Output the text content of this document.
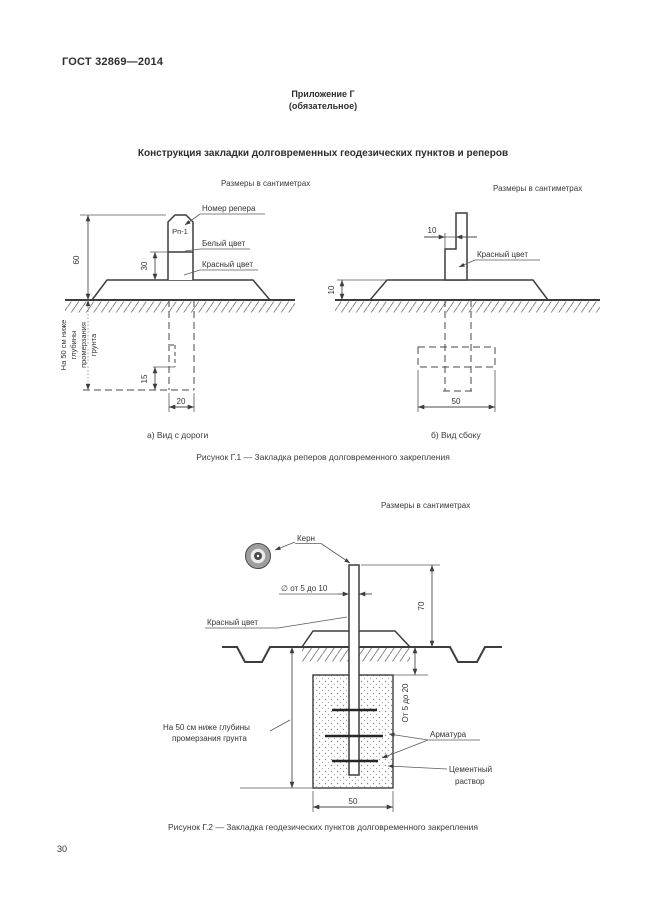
ГОСТ 32869—2014
Приложение Г
(обязательное)
Конструкция закладки долговременных геодезических пунктов и реперов
Размеры в сантиметрах
Размеры в сантиметрах
Рп-1
60
30
Номер репера
Белый цвет
Красный цвет
15
20
На 50 см ниже глубины промерзания грунта
10
Красный цвет
10
50
а) Вид с дороги	б) Вид сбоку
Рисунок Г.1 — Закладка реперов долговременного закрепления
Размеры в сантиметрах
Керн
∅ от 5 до 10
70
Красный цвет
От 5 до 20
Арматура
Цементный
раствор
На 50 см ниже глубины
промерзания грунта
50
Рисунок Г.2 — Закладка геодезических пунктов долговременного закрепления
30
